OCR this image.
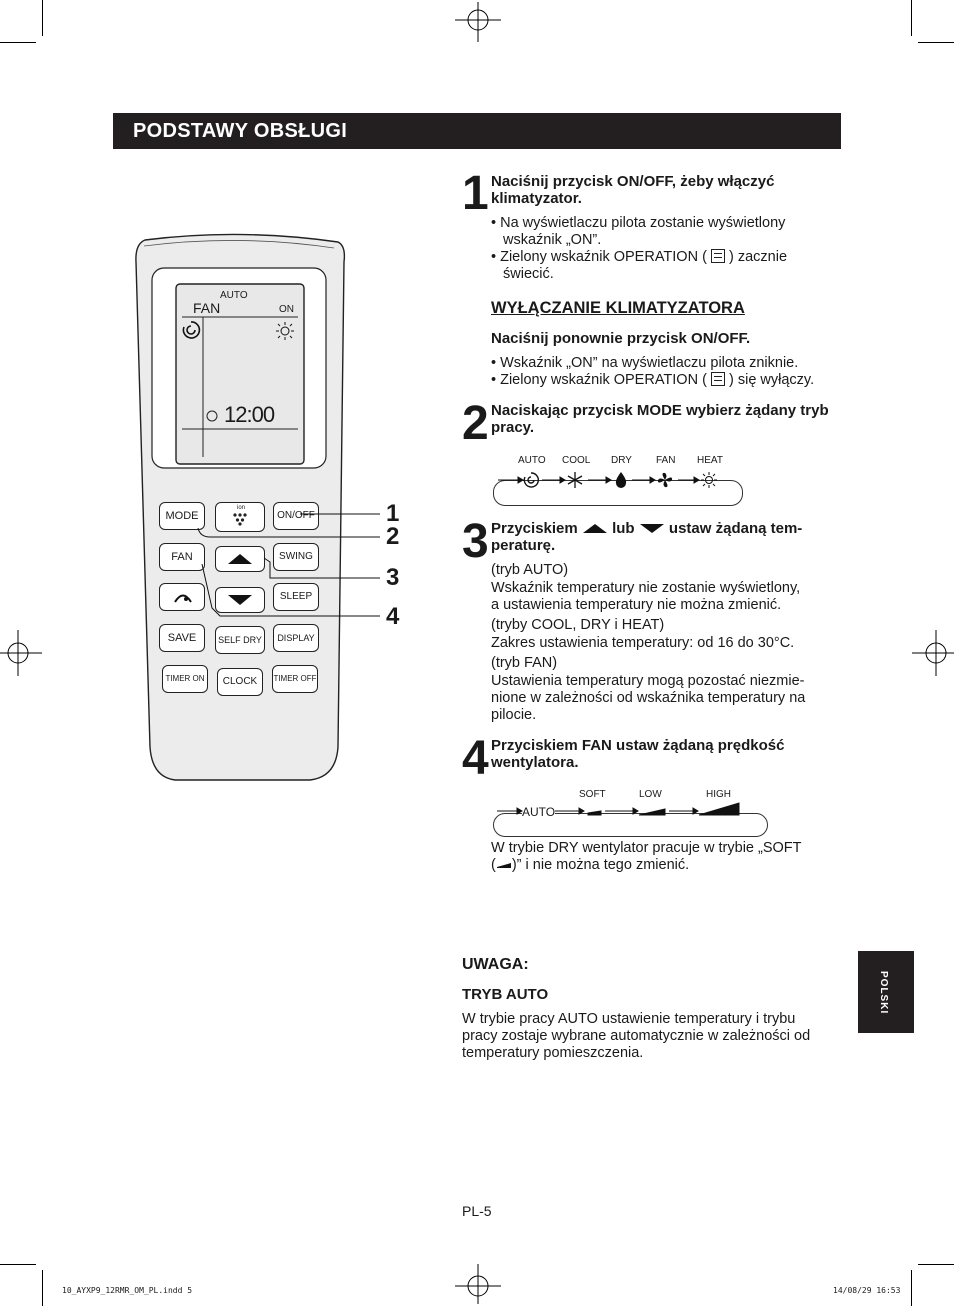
PODSTAWY OBSŁUGI
AUTO
FAN	ON
12:00
MODE
ion
ON/OFF
FAN	SWING
SLEEP
SAVE	SELF DRY	DISPLAY
TIMER ON	CLOCK	TIMER OFF
1
2
3
4
1 Naciśnij przycisk ON/OFF, żeby włączyć klimatyzator.
• Na wyświetlaczu pilota zostanie wyświetlony
wskaźnik „ON”.
• Zielony wskaźnik OPERATION ( ) zacznie
świecić.
WYŁĄCZANIE KLIMATYZATORA
Naciśnij ponownie przycisk ON/OFF.
• Wskaźnik „ON” na wyświetlaczu pilota zniknie.
• Zielony wskaźnik OPERATION ( ) się wyłączy.
2 Naciskając przycisk MODE wybierz żądany tryb pracy.
AUTO COOL DRY FAN HEAT
3 Przyciskiem lub ustaw żądaną tem-
peraturę.
(tryb AUTO)
Wskaźnik temperatury nie zostanie wyświetlony,
a ustawienia temperatury nie można zmienić.
(tryby COOL, DRY i HEAT)
Zakres ustawienia temperatury: od 16 do 30°C.
(tryb FAN)
Ustawienia temperatury mogą pozostać niezmie-
nione w zależności od wskaźnika temperatury na
pilocie.
4 Przyciskiem FAN ustaw żądaną prędkość wentylatora.
SOFT	LOW	HIGH
AUTO
W trybie DRY wentylator pracuje w trybie „SOFT
( )” i nie można tego zmienić.
UWAGA:
TRYB AUTO
W trybie pracy AUTO ustawienie temperatury i trybu
pracy zostaje wybrane automatycznie w zależności od
temperatury pomieszczenia.
POLSKI
PL-5
10_AYXP9_12RMR_OM_PL.indd 5	14/08/29 16:53
